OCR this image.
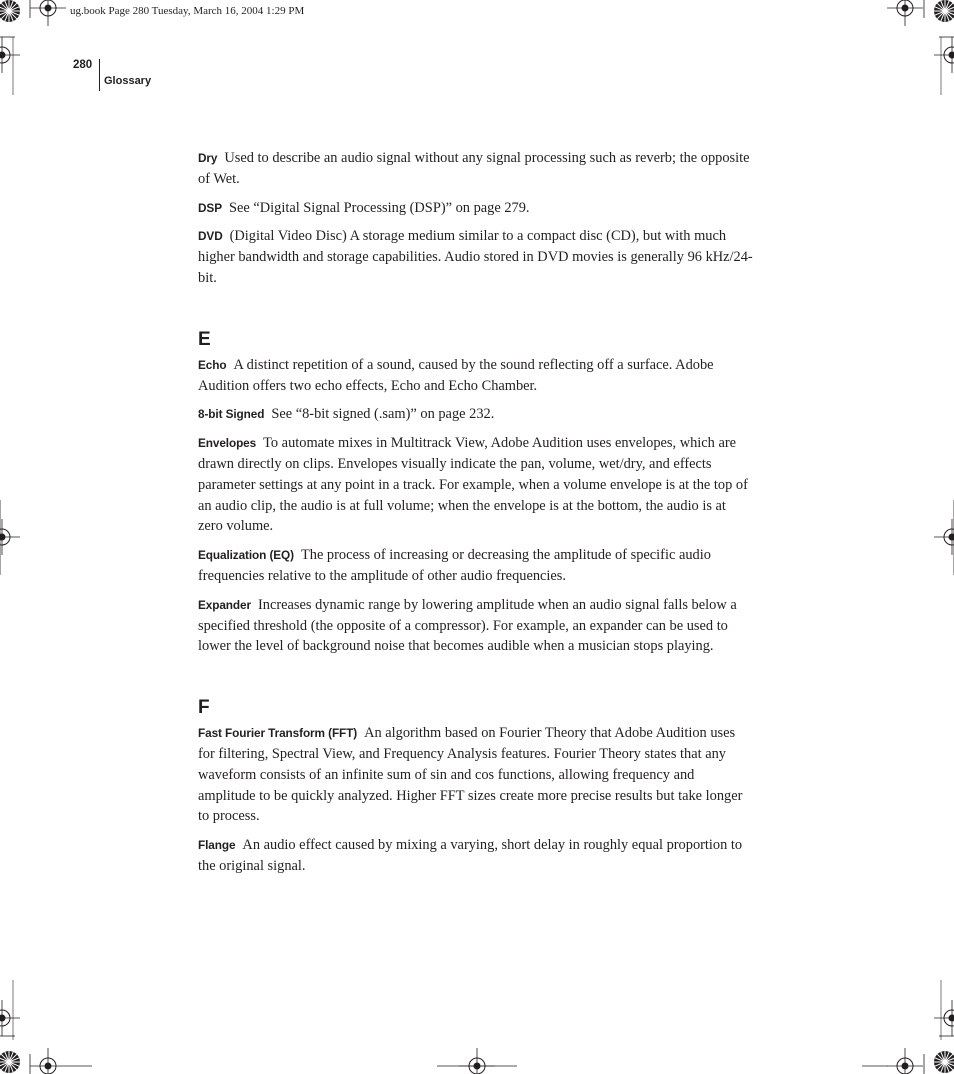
ug.book Page 280 Tuesday, March 16, 2004 1:29 PM
280
Glossary

Dry Used to describe an audio signal without any signal processing such as reverb; the opposite of Wet.

DSP See “Digital Signal Processing (DSP)” on page 279.

DVD (Digital Video Disc) A storage medium similar to a compact disc (CD), but with much higher bandwidth and storage capabilities. Audio stored in DVD movies is generally 96 kHz/24-bit.

E

Echo A distinct repetition of a sound, caused by the sound reflecting off a surface. Adobe Audition offers two echo effects, Echo and Echo Chamber.

8-bit Signed See “8-bit signed (.sam)” on page 232.

Envelopes To automate mixes in Multitrack View, Adobe Audition uses envelopes, which are drawn directly on clips. Envelopes visually indicate the pan, volume, wet/dry, and effects parameter settings at any point in a track. For example, when a volume envelope is at the top of an audio clip, the audio is at full volume; when the envelope is at the bottom, the audio is at zero volume.

Equalization (EQ) The process of increasing or decreasing the amplitude of specific audio frequencies relative to the amplitude of other audio frequencies.

Expander Increases dynamic range by lowering amplitude when an audio signal falls below a specified threshold (the opposite of a compressor). For example, an expander can be used to lower the level of background noise that becomes audible when a musician stops playing.

F

Fast Fourier Transform (FFT) An algorithm based on Fourier Theory that Adobe Audition uses for filtering, Spectral View, and Frequency Analysis features. Fourier Theory states that any waveform consists of an infinite sum of sin and cos functions, allowing frequency and amplitude to be quickly analyzed. Higher FFT sizes create more precise results but take longer to process.

Flange An audio effect caused by mixing a varying, short delay in roughly equal proportion to the original signal.
